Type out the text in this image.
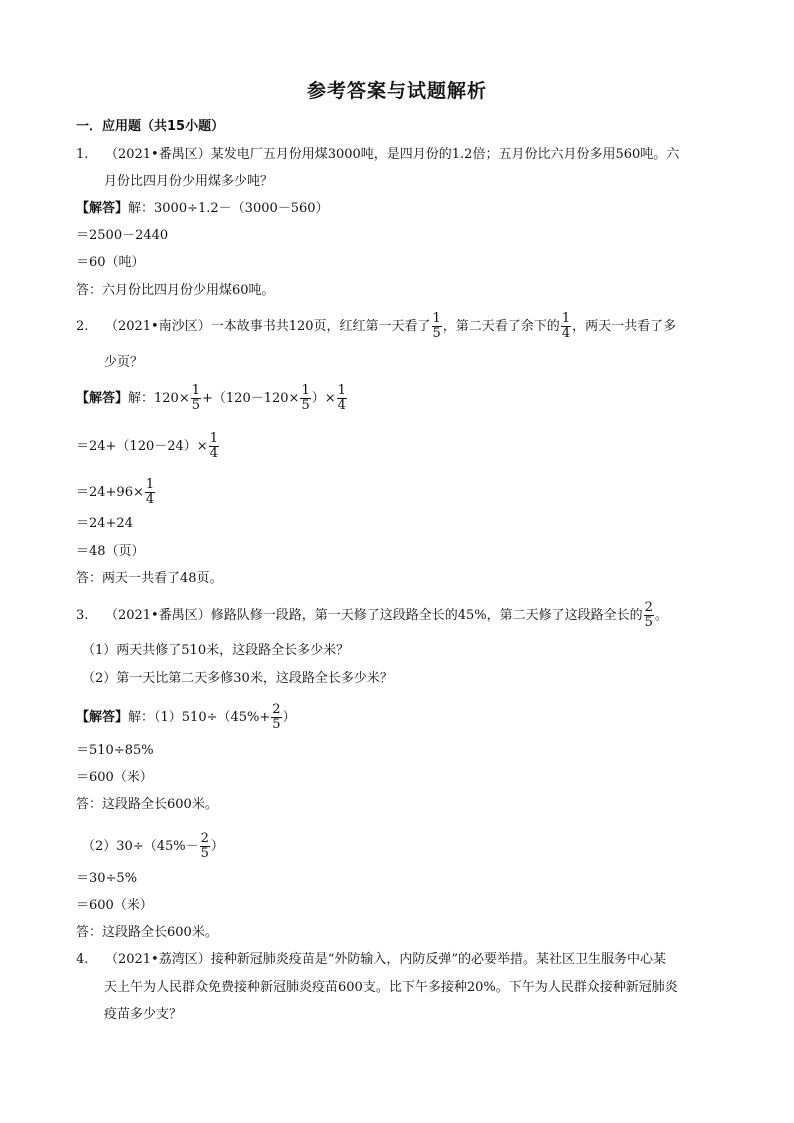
参考答案与试题解析
一．应用题（共15小题）
1. （2021•番禺区）某发电厂五月份用煤3000吨，是四月份的1.2倍；五月份比六月份多用560吨。六
月份比四月份少用煤多少吨？
【解答】解：3000÷1.2－（3000－560）
＝2500－2440
＝60（吨）
答：六月份比四月份少用煤60吨。
2. （2021•南沙区）一本故事书共120页，红红第一天看了 $\frac{1}{5}$ ，第二天看了余下的 $\frac{1}{4}$ ，两天一共看了多
少页？
【解答】解：$120\times \frac{1}{5} +(120-120\times \frac{1}{5}$ ）× $\frac{1}{4}$
$=24+(120-24)\times \frac{1}{4}$
$=24+96\times \frac{1}{4}$
＝24+24
＝48（页）
答：两天一共看了48页。
3. （2021•番禺区）修路队修一段路，第一天修了这段路全长的45%，第二天修了这段路全长的 $\frac{2}{5}$ 。
（1）两天共修了510米，这段路全长多少米？
（2）第一天比第二天多修30米，这段路全长多少米？
【解答】解：$(1)510\div(45\%+ \frac{2}{5}$ ）
＝510÷85%
＝600（米）
答：这段路全长600米。
$(2)30\div(45\%- \frac{2}{5}$ ）
＝30÷5%
＝600（米）
答：这段路全长600米。
4. （2021•荔湾区）接种新冠肺炎疫苗是“外防输入，内防反弹”的必要举措。某社区卫生服务中心某
天上午为人民群众免费接种新冠肺炎疫苗600支。比下午多接种20%。下午为人民群众接种新冠肺炎
疫苗多少支？
